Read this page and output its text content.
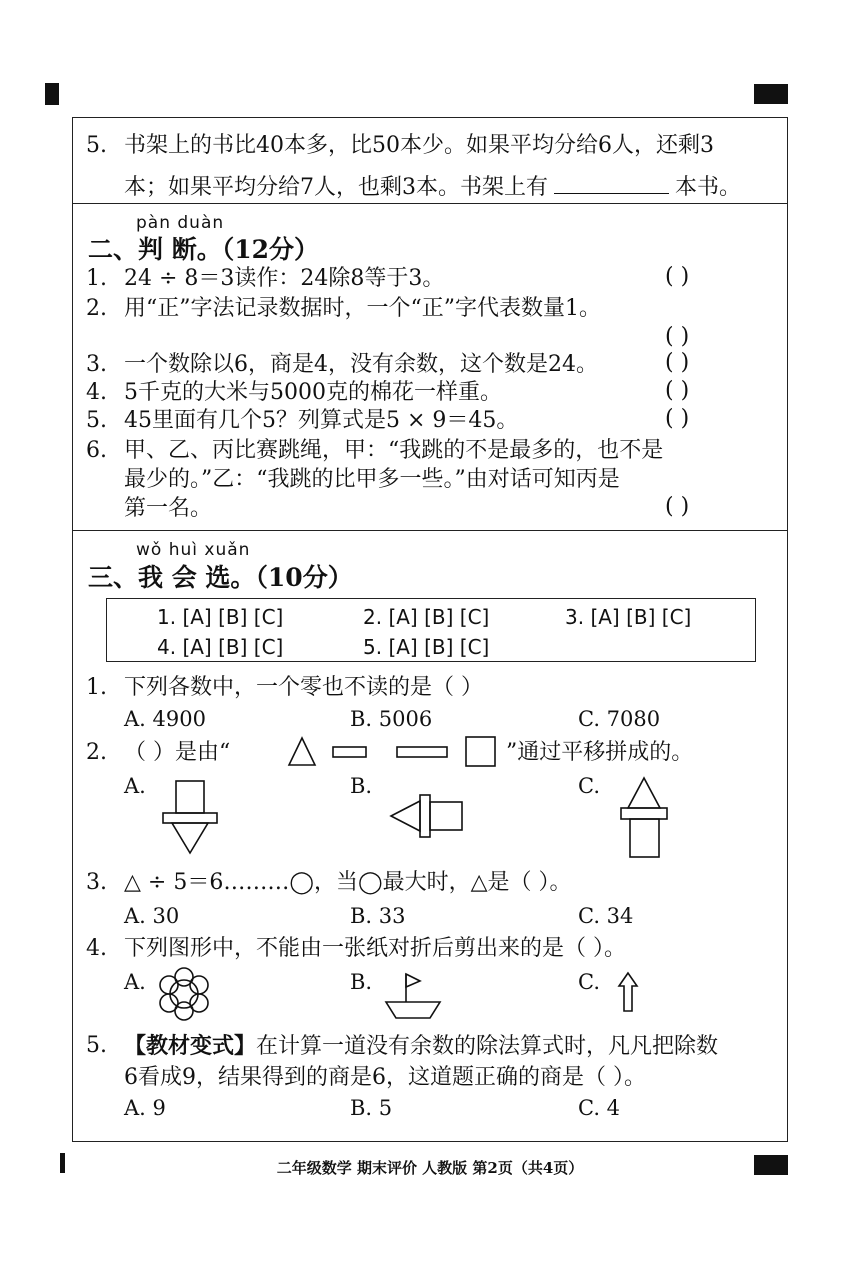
5. 书架上的书比40本多，比50本少。如果平均分给6人，还剩3
本；如果平均分给7人，也剩3本。书架上有	本书。
pàn duàn
二、判 断。（12分）
1. 24 ÷ 8＝3读作：24除8等于3。	( )
2. 用“正”字法记录数据时，一个“正”字代表数量1。
( )
3. 一个数除以6，商是4，没有余数，这个数是24。	( )
4. 5千克的大米与5000克的棉花一样重。	( )
5. 45里面有几个5？列算式是5 × 9＝45。	( )
6. 甲、乙、丙比赛跳绳，甲：“我跳的不是最多的，也不是
最少的。”乙：“我跳的比甲多一些。”由对话可知丙是
第一名。	( )
wǒ huì xuǎn
三、我 会 选。（10分）
1. [A] [B] [C]	2. [A] [B] [C]	3. [A] [B] [C]
4. [A] [B] [C]	5. [A] [B] [C]
1. 下列各数中，一个零也不读的是（ ）
A. 4900	B. 5006	C. 7080
2. （ ）是由“	”通过平移拼成的。
A.	B.	C.
3. △ ÷ 5＝6………◯，当◯最大时，△是（ ）。
A. 30	B. 33	C. 34
4. 下列图形中，不能由一张纸对折后剪出来的是（ ）。
A.	B.	C.
5. 【教材变式】在计算一道没有余数的除法算式时，凡凡把除数
6看成9，结果得到的商是6，这道题正确的商是（ ）。
A. 9	B. 5	C. 4
二年级数学 期末评价 人教版 第2页（共4页）
